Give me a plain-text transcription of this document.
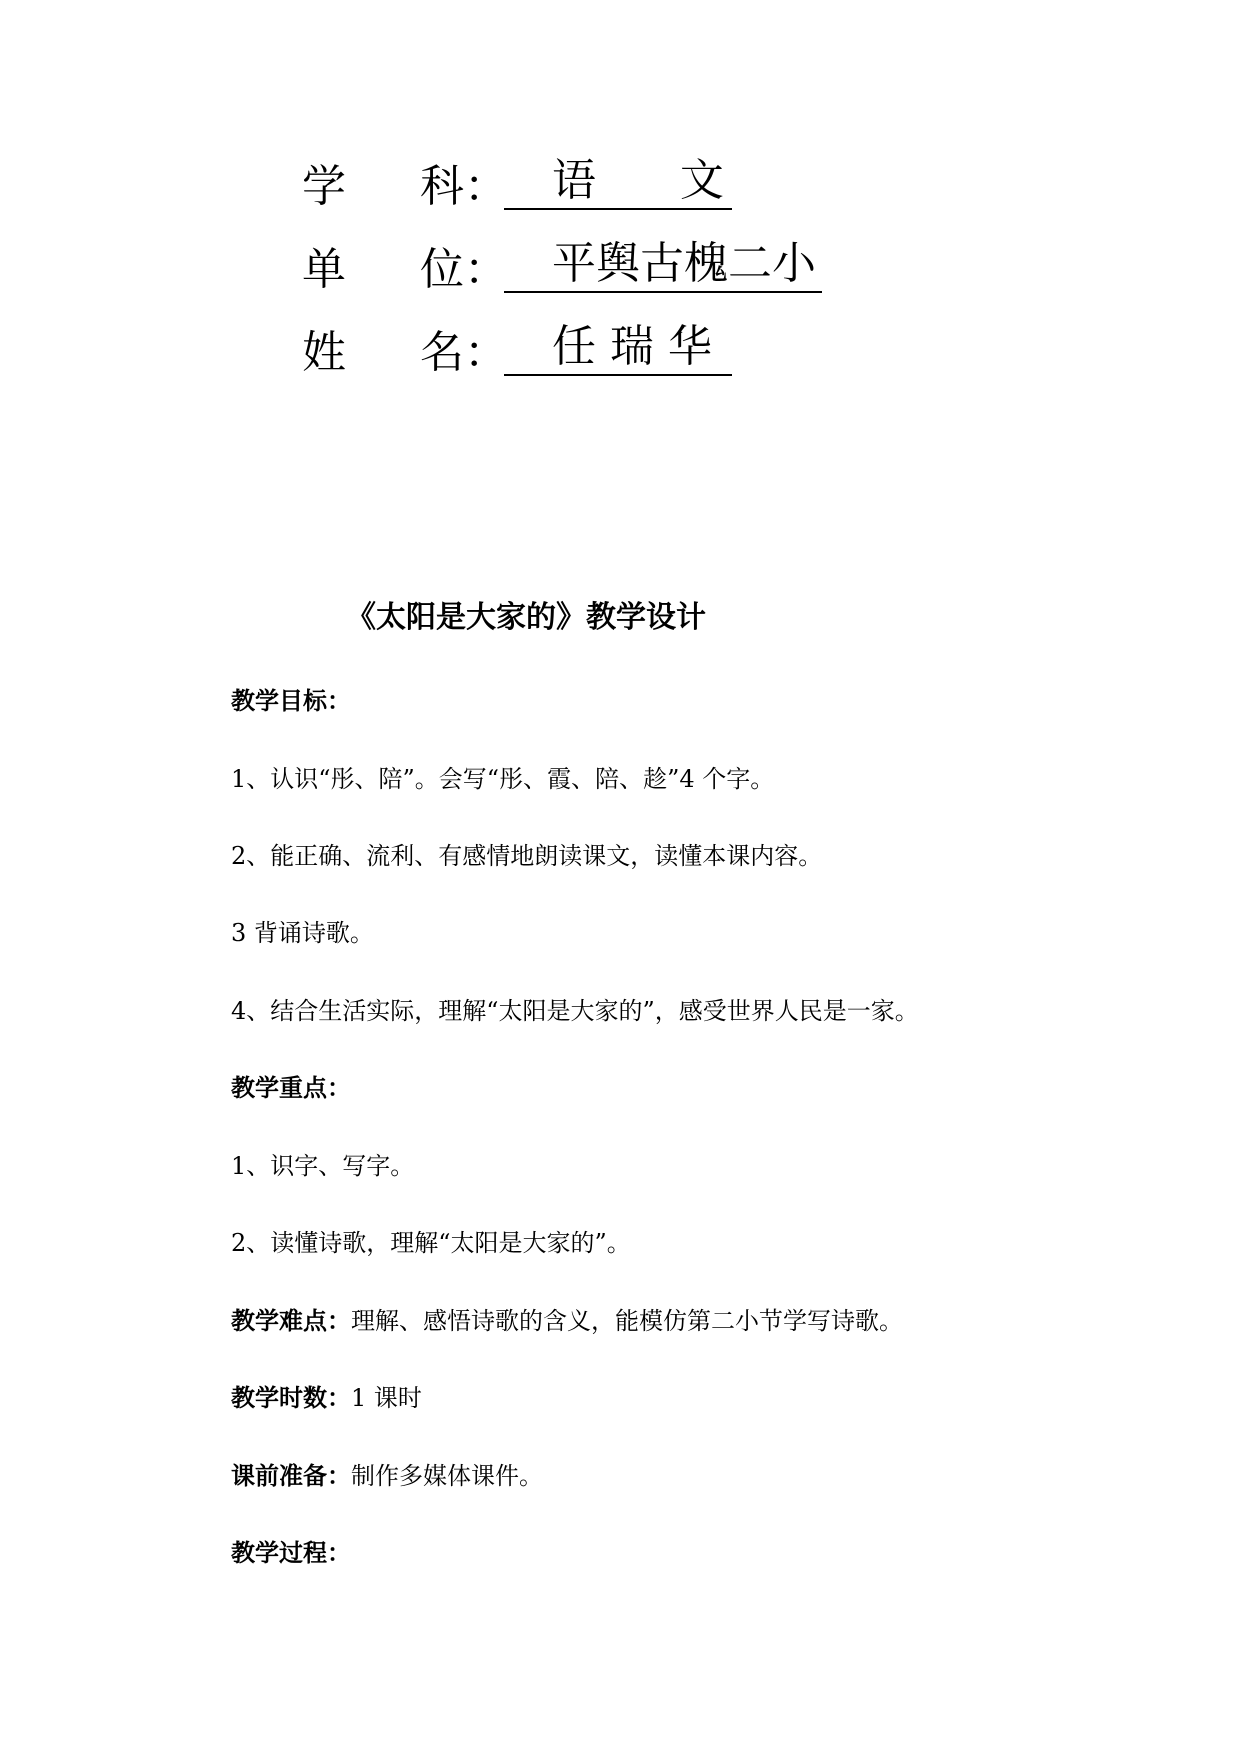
学	科 ：	语      文
单	位 ：	平舆古槐二小
姓	名 ：	任 瑞 华
《太阳是大家的》教学设计
教学目标：
1、认识“彤、陪”。会写“彤、霞、陪、趁”4 个字。
2、能正确、流利、有感情地朗读课文，读懂本课内容。
3 背诵诗歌。
4、结合生活实际，理解“太阳是大家的”，感受世界人民是一家。
教学重点：
1、识字、写字。
2、读懂诗歌，理解“太阳是大家的”。
教学难点：理解、感悟诗歌的含义，能模仿第二小节学写诗歌。
教学时数：1 课时
课前准备：制作多媒体课件。
教学过程：
